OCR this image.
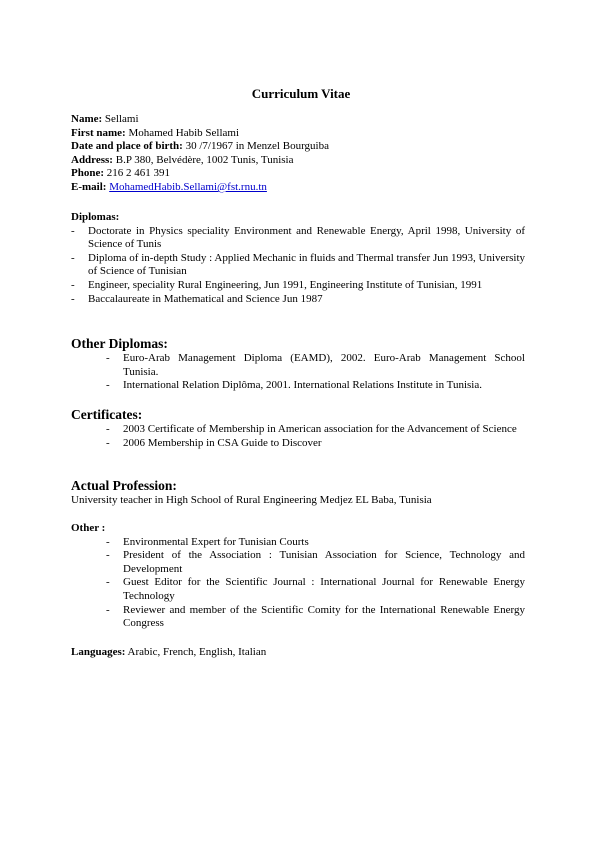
Curriculum Vitae
Name: Sellami
First name: Mohamed Habib Sellami
Date and place of birth: 30 /7/1967 in Menzel Bourguiba
Address: B.P 380, Belvédère, 1002 Tunis, Tunisia
Phone: 216 2 461 391
E-mail: MohamedHabib.Sellami@fst.rnu.tn
Diplomas:
- Doctorate in Physics speciality Environment and Renewable Energy, April 1998, University of Science of Tunis
- Diploma of in-depth Study : Applied Mechanic in fluids and Thermal transfer Jun 1993, University of Science of Tunisian
- Engineer, speciality Rural Engineering, Jun 1991, Engineering Institute of Tunisian, 1991
- Baccalaureate in Mathematical and Science Jun 1987
Other Diplomas:
- Euro-Arab Management Diploma (EAMD), 2002. Euro-Arab Management School Tunisia.
- International Relation Diplôma, 2001. International Relations Institute in Tunisia.
Certificates:
- 2003 Certificate of Membership in American association for the Advancement of Science
- 2006 Membership in CSA Guide to Discover
Actual Profession:
University teacher in High School of Rural Engineering Medjez EL Baba, Tunisia
Other :
- Environmental Expert for Tunisian Courts
- President of the Association : Tunisian Association for Science, Technology and Development
- Guest Editor for the Scientific Journal : International Journal for Renewable Energy Technology
- Reviewer and member of the Scientific Comity for the International Renewable Energy Congress
Languages: Arabic, French, English, Italian
